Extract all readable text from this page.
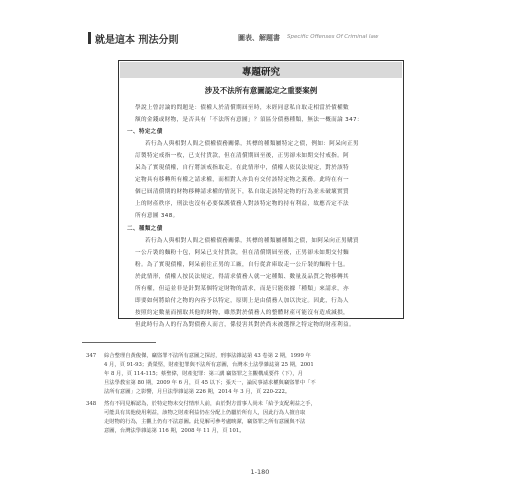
就是這本 刑法分則	圖表、解題書 Specific Offenses Of Criminal law
專題研究
涉及不法所有意圖認定之重要案例
學說上曾討論的問題是：債權人於清償期屆至時，未經同意私自取走相當於債權數
額的金錢或財物，是否具有「不法所有意圖」？須區分債務種類，無法一概而論 347：
一、特定之債
若行為人與相對人間之債權債務關係，其標的種類屬特定之債，例如：阿呆向正男
訂製特定戒指一枚，已支付貨款，但在清償期屆至後，正男卻未如期交付戒指。阿
呆為了實現債權，自行將該戒指取走，在此情形中，債權人依民法規定，對於該特
定物具有移轉所有權之請求權，而相對人亦負有交付該特定物之義務。此時在有一
個已屆清償期的財物移轉請求權的情況下，私自取走該特定物的行為並未破壞實質
上的財產秩序，刑法也沒有必要保護債務人對該特定物的持有利益，故應否定不法
所有意圖 348。
二、種類之債
若行為人與相對人間之債權債務關係，其標的種類屬種類之債，如阿呆向正男購買
一公斤裝的麵粉十包，阿呆已支付貨款，但在清償期屆至後，正男卻未如期交付麵
粉。為了實現債權，阿呆前往正男的工廠，自行從倉庫取走一公斤裝的麵粉十包。
於此情形，債權人按民法規定，得請求債務人就一定種類、數量及品質之物移轉其
所有權，但這並非是針對某個特定財物的請求，而是只能依據「種類」來請求，亦
即要如何將給付之物的內容予以特定，原則上是由債務人加以決定。因此，行為人
按照約定數量而擅取其他的財物，雖然對於債務人的整體財產可能沒有造成減損，
但此時行為人的行為對債務人而言，係侵害其對於尚未被選擇之特定物的財產利益。
347 綜合整理自黃俊傑，竊盜罪不法所有意圖之探討，刑事法雜誌第 43 卷第 2 期，1999 年
4 月，頁 91-93；黃榮堅，財產犯罪與不法所有意圖，台灣本土法學雜誌第 25 期，2001
年 8 月，頁 114-115；蔡聖偉，財產犯罪：第三講 竊盜罪之主觀構成要件（下），月
旦法學教室第 80 期，2009 年 6 月，頁 45 以下；張天一，論民事請求權與竊盜罪中「不
法所有意圖」之影響，月旦法學雜誌第 226 期，2014 年 3 月，頁 220-222。
348 然有不同見解認為，於特定物未交付情形人前，由於對方當事人尚未「給予支配利益之手，
可能具有其他使用利益，該物之財產利益仍在分配上仍屬於所有人，因此行為人擅自取
走財物的行為，主觀上仍有不法意圖。此見解可參考盧映潔，竊盜罪之所有意圖與不法
意圖，台灣法學雜誌第 116 期，2008 年 11 月，頁 101。
1-180
